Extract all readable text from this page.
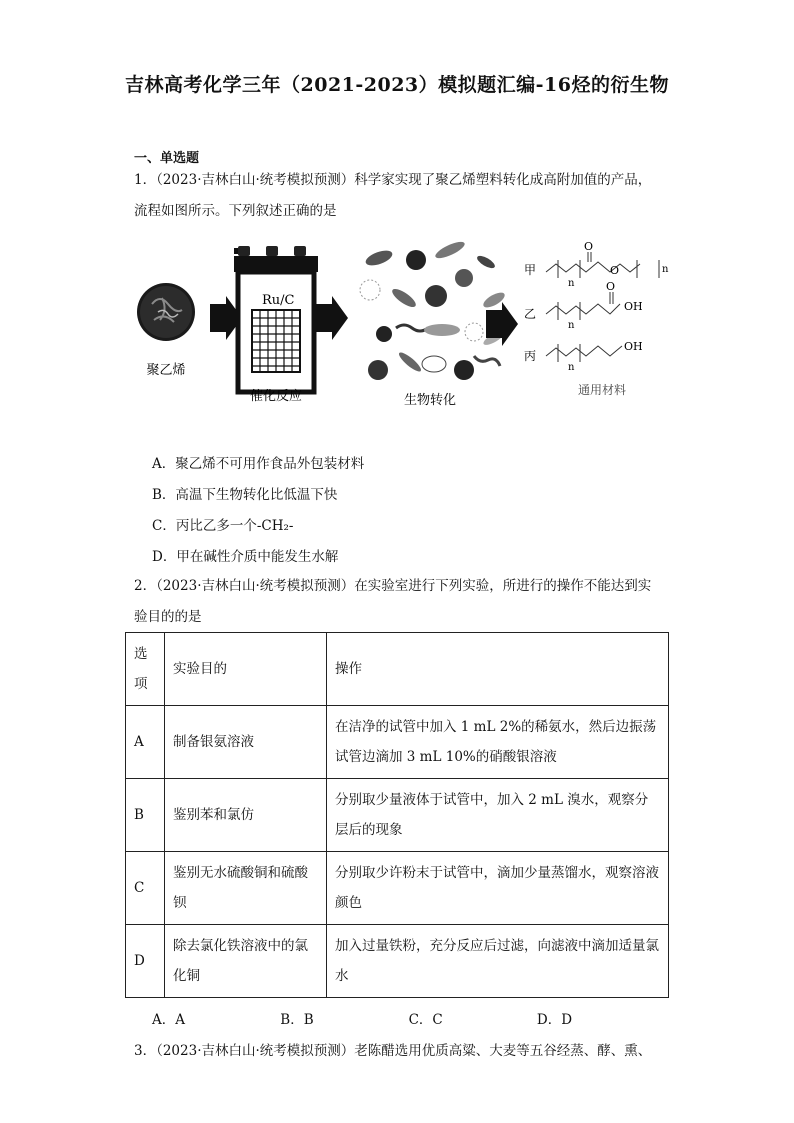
吉林高考化学三年（2021-2023）模拟题汇编-16烃的衍生物
一、单选题
1．（2023·吉林白山·统考模拟预测）科学家实现了聚乙烯塑料转化成高附加值的产品，
流程如图所示。下列叙述正确的是
聚乙烯
Ru/C
催化反应	生物转化
甲
乙
丙
O
O
n
n
O
OH
n
OH
n
通用材料
A．聚乙烯不可用作食品外包装材料
B．高温下生物转化比低温下快
C．丙比乙多一个-CH₂-
D．甲在碱性介质中能发生水解
2．（2023·吉林白山·统考模拟预测）在实验室进行下列实验，所进行的操作不能达到实
验目的的是
选项	实验目的	操作
A	制备银氨溶液	在洁净的试管中加入 1 mL 2%的稀氨水，然后边振荡试管边滴加 3 mL 10%的硝酸银溶液
B	鉴别苯和氯仿	分别取少量液体于试管中，加入 2 mL 溴水，观察分层后的现象
C	鉴别无水硫酸铜和硫酸钡	分别取少许粉末于试管中，滴加少量蒸馏水，观察溶液颜色
D	除去氯化铁溶液中的氯化铜	加入过量铁粉，充分反应后过滤，向滤液中滴加适量氯水
A．A	B．B	C．C	D．D
3．（2023·吉林白山·统考模拟预测）老陈醋选用优质高粱、大麦等五谷经蒸、酵、熏、
